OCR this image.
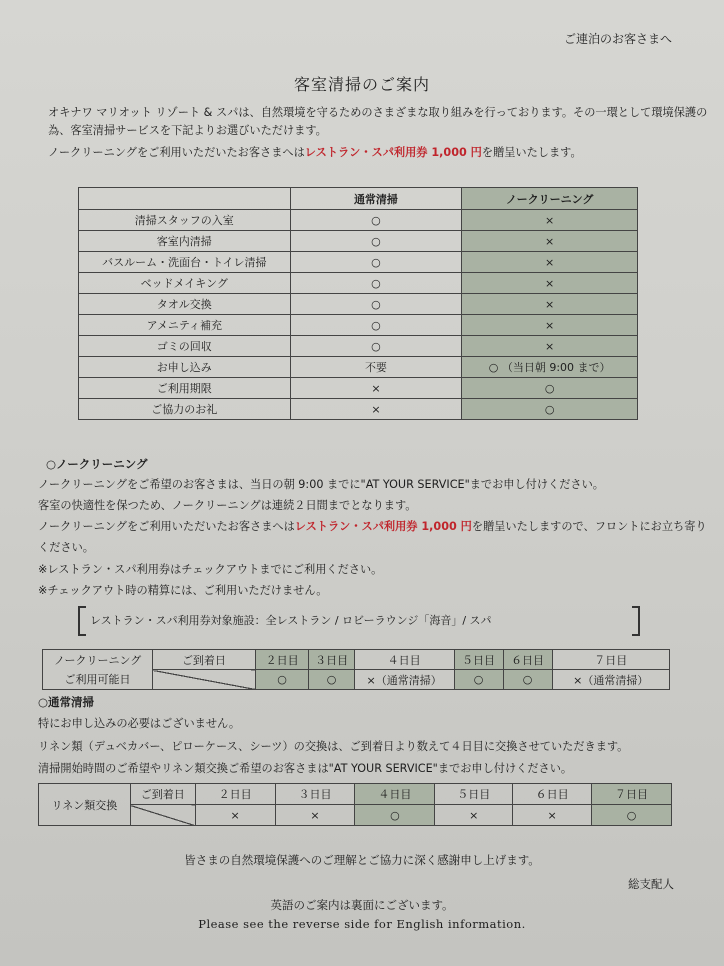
ご連泊のお客さまへ
客室清掃のご案内
オキナワ マリオット リゾート & スパは、自然環境を守るためのさまざまな取り組みを行っております。その一環として環境保護の
為、客室清掃サービスを下記よりお選びいただけます。
ノークリーニングをご利用いただいたお客さまへはレストラン・スパ利用券 1,000 円を贈呈いたします。
	通常清掃	ノークリーニング
清掃スタッフの入室	○	×
客室内清掃	○	×
バスルーム・洗面台・トイレ清掃	○	×
ベッドメイキング	○	×
タオル交換	○	×
アメニティ補充	○	×
ゴミの回収	○	×
お申し込み	不要	○ （当日朝 9:00 まで）
ご利用期限	×	○
ご協力のお礼	×	○
○ノークリーニング
ノークリーニングをご希望のお客さまは、当日の朝 9:00 までに"AT YOUR SERVICE"までお申し付けください。
客室の快適性を保つため、ノークリーニングは連続２日間までとなります。
ノークリーニングをご利用いただいたお客さまへはレストラン・スパ利用券 1,000 円を贈呈いたしますので、フロントにお立ち寄り
ください。
※レストラン・スパ利用券はチェックアウトまでにご利用ください。
※チェックアウト時の精算には、ご利用いただけません。
レストラン・スパ利用券対象施設：全レストラン / ロビーラウンジ「海音」/ スパ
ノークリーニング	ご到着日	２日目	３日目	４日目	５日目	６日目	７日目
ご利用可能日		○	○	×（通常清掃）	○	○	×（通常清掃）
○通常清掃
特にお申し込みの必要はございません。
リネン類（デュベカバー、ピローケース、シーツ）の交換は、ご到着日より数えて４日目に交換させていただきます。
清掃開始時間のご希望やリネン類交換ご希望のお客さまは"AT YOUR SERVICE"までお申し付けください。
リネン類交換	ご到着日	２日目	３日目	４日目	５日目	６日目	７日目
		×	×	○	×	×	○
皆さまの自然環境保護へのご理解とご協力に深く感謝申し上げます。
総支配人
英語のご案内は裏面にございます。
Please see the reverse side for English information.
